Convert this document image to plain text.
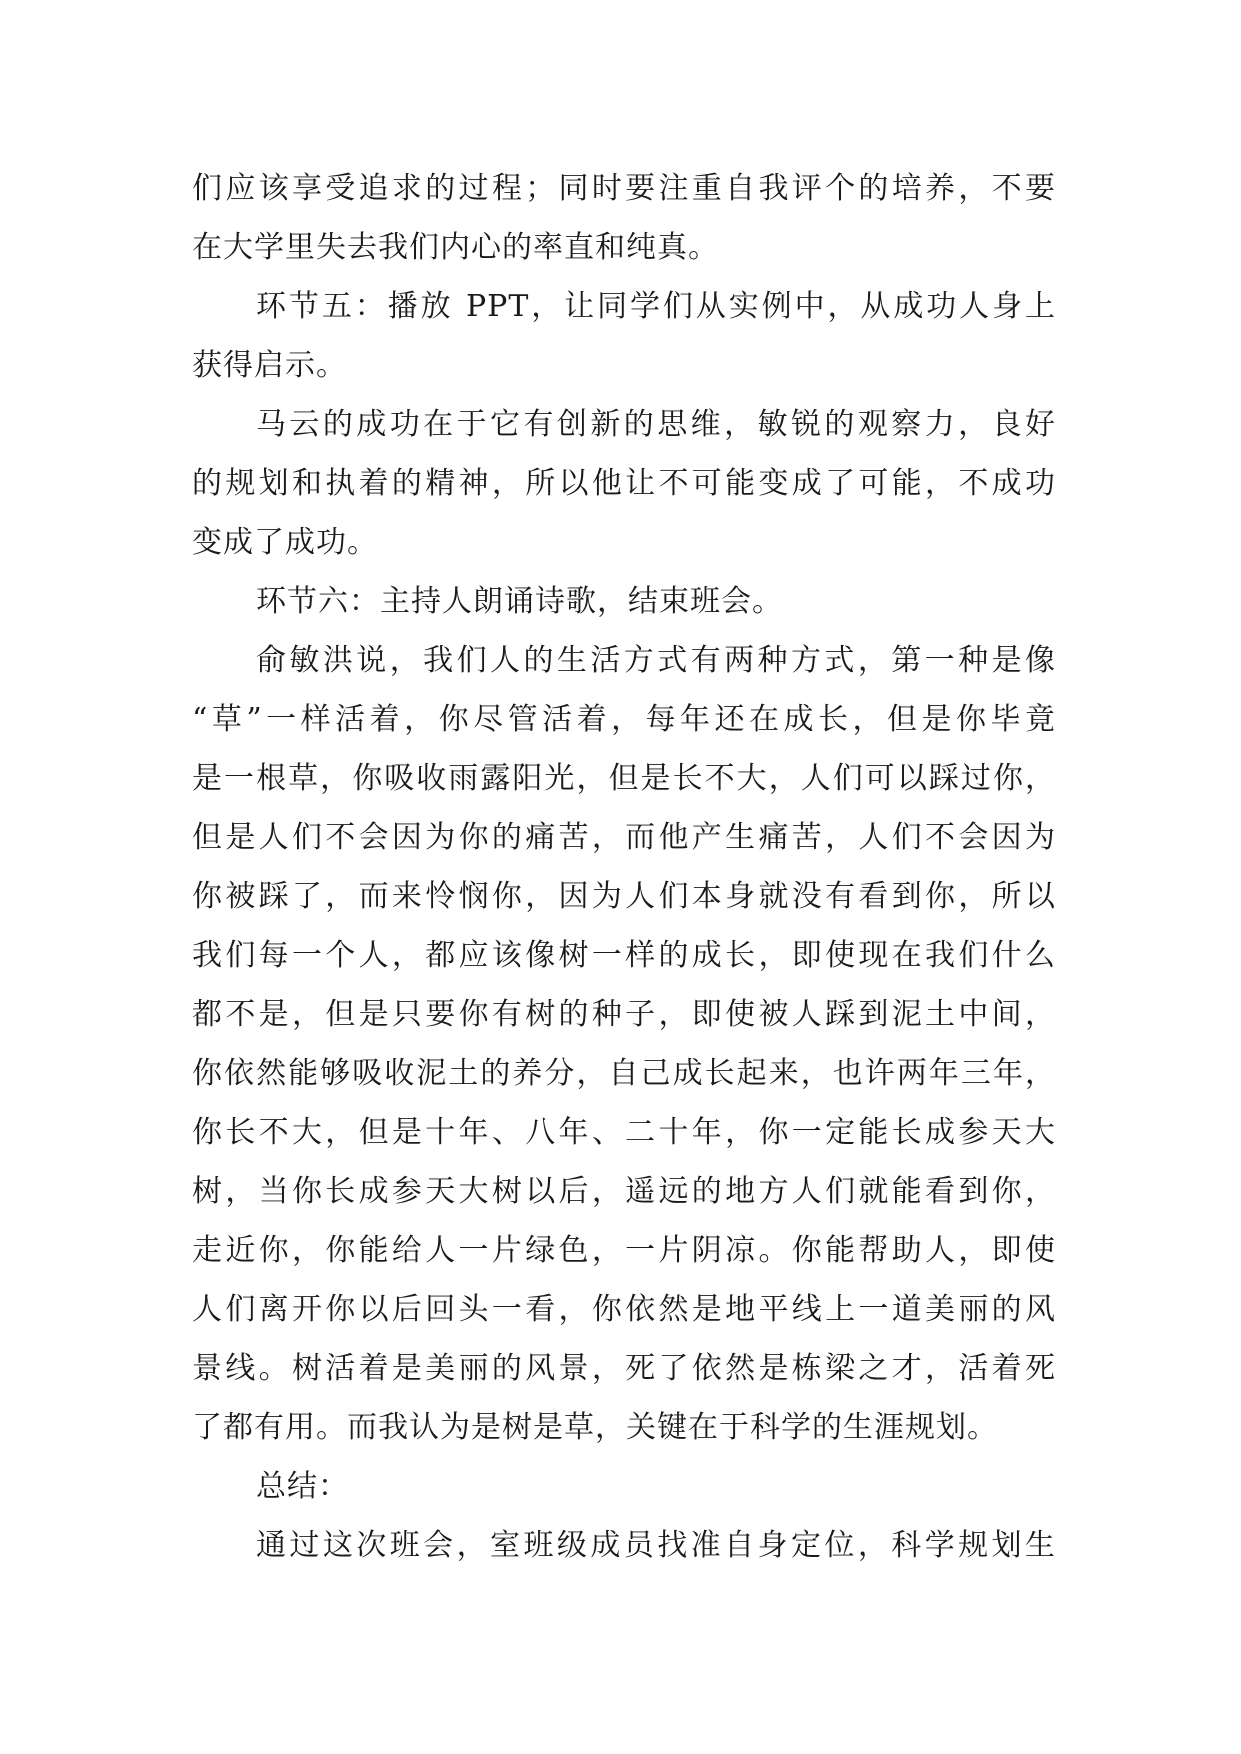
们应该享受追求的过程；同时要注重自我评个的培养，不要
在大学里失去我们内心的率直和纯真。
环节五：播放 PPT，让同学们从实例中，从成功人身上
获得启示。
马云的成功在于它有创新的思维，敏锐的观察力，良好
的规划和执着的精神，所以他让不可能变成了可能，不成功
变成了成功。
环节六：主持人朗诵诗歌，结束班会。
俞敏洪说，我们人的生活方式有两种方式，第一种是像
“草”一样活着，你尽管活着，每年还在成长，但是你毕竟
是一根草，你吸收雨露阳光，但是长不大，人们可以踩过你，
但是人们不会因为你的痛苦，而他产生痛苦，人们不会因为
你被踩了，而来怜悯你，因为人们本身就没有看到你，所以
我们每一个人，都应该像树一样的成长，即使现在我们什么
都不是，但是只要你有树的种子，即使被人踩到泥土中间，
你依然能够吸收泥土的养分，自己成长起来，也许两年三年，
你长不大，但是十年、八年、二十年，你一定能长成参天大
树，当你长成参天大树以后，遥远的地方人们就能看到你，
走近你，你能给人一片绿色，一片阴凉。你能帮助人，即使
人们离开你以后回头一看，你依然是地平线上一道美丽的风
景线。树活着是美丽的风景，死了依然是栋梁之才，活着死
了都有用。而我认为是树是草，关键在于科学的生涯规划。
总结：
通过这次班会，室班级成员找准自身定位，科学规划生
